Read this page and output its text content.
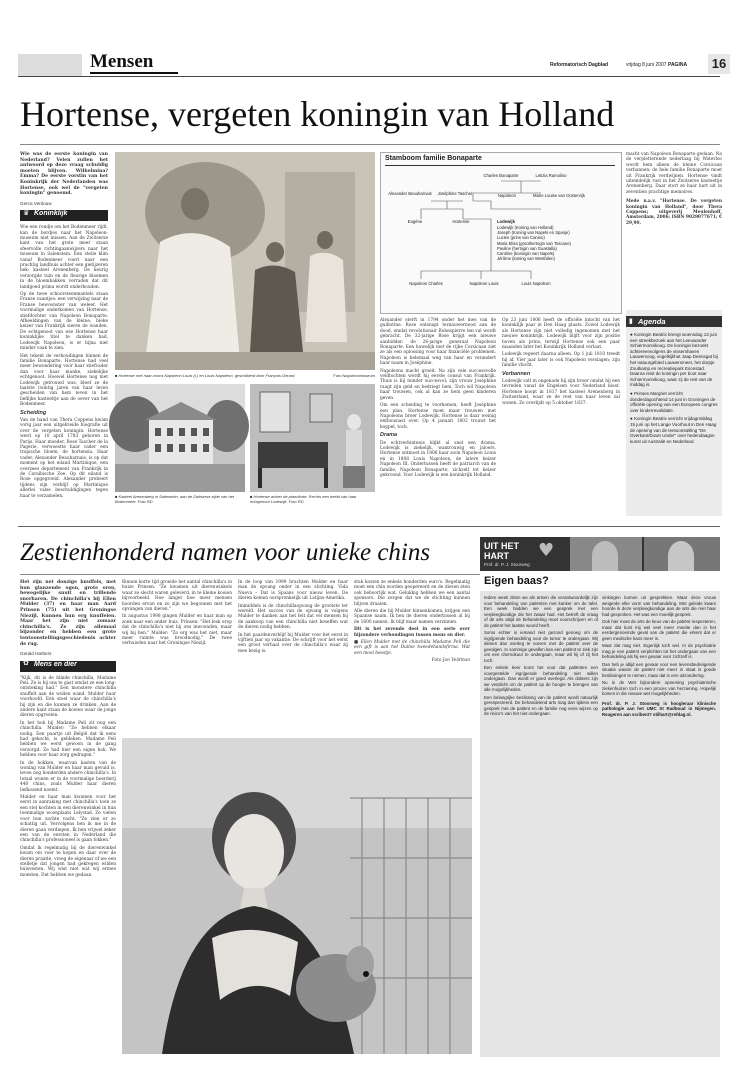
Mensen	Reformatorisch Dagblad	vrijdag 8 juni 2007 PAGINA 16
Hortense, vergeten koningin van Holland

Wie was de eerste koningin van Nederland? Velen zullen het antwoord op deze vraag schuldig moeten blijven. Wilhelmina? Emma? De eerste vorstin van het Koninkrijk der Nederlanden was Hortense, ook wel de "vergeten koningin" genoemd.

Gerca Verdouw

♛ Koninklijk

Wie een rondje om het Bodenmeer rijdt, kan de bordjes naar het Napoleon-museum niet missen. Aan de Zwitserse kant van het grote meer staan sfeervolle richtingaanwijzers naar het museum in Salenstein. Een steile klim vanaf Bodenmeer voert naar een prachtig landhuis achter een gietijzeren hek: kasteel Arenenberg. De keurig verzorgde tuin en de fleurige bloemen in de bloembakken verraden dat dit landgoed prima wordt onderhouden.

Op de twee schoorsteenmantels staan Franse vaantjes: een verwijzing naar de Franse bewoonster van weleer. Het voormalige onderkomen van Hortense, stiefdochter van Napoleon Bonaparte. Afbeeldingen van de kleine, bleke keizer van Frankrijk sieren de wanden. De echtgenoot van wie Hortense haar koninklijke titel te danken had, Lodewijk Napoleon, is er bijna niet minder vaak te zien.

Het tekent de verhoudingen binnen de familie Bonaparte. Hortense had veel meer bewondering voor haar stiefvader dan voor haar manke, ziekelijke echtgenoot. Hoewel Hortense nog met Lodewijk getrouwd was, bleef ze de laatste twintig jaren van haar leven gescheiden van hem leven in het lieflijke kasteeltje aan de oever van het Bodenmeer.

Scheiding

Van de hand van Thera Coppens kwam vorig jaar een uitgebreide biografie uit over de vergeten koningin. Hortense werd op 10 april 1783 geboren in Parijs. Haar moeder, Rose Tascher de la Pagerie, verwoestte haar vader een tropische bloem, de hortensia. Haar vader, Alexander Beauharnais, is op dat moment op het eiland Martinique, een overzees departement van Frankrijk in de Caraïbische Zee. Op dit eiland is Rose opgegroeid. Alexander probeert tijdens zijn verblijf op Martinique allerlei valse beschuldigingen tegen haar te verzamelen.

■ Hortense met haar zoons Napoleon Louis (l.) en Louis Napoleon, geschilderd door François Gérard.	Foto Napoleonmuseum
Stamboom familie Bonaparte
Charles Bonaparte	Letizia Ramolino
Alexander Beauharnais	Joséphine Tascher	Napoleon	Marie Louise van Oostenrijk
Eugène	Hortense	Lodewijk
Lodewijk (Koning van Holland)
Joseph (Koning van Napels en Spanje)
Lucien (prins van Canino)
Maria Elisa (groothertogin van Toscane)
Pauline (hertogin van Guastalla)
Caroline (koningin van Napels)
Jérôme (koning van Westfalen)
Napoleon Charles	Napoleon Louis	Louis Napoleon

Alexander sterft in 1794 onder het mes van de guillotine. Rose ontsnapt ternauwernood aan de dood, omdat revolutionair Robespierre ten val wordt gebracht. De 32-jarige Rose krijgt een nieuwe aanbidder: de 26-jarige generaal Napoleon Bonaparte. Een huwelijk met de rijke Corsicaan ziet ze als een oplossing voor haar financiële problemen. Napoleon is helemaal weg van haar en verandert haar naam in Joséphine.

Napoleons macht groeit. Na zijn vele successvolle veldtochten wordt hij eerste consul van Frankrijk. Thuis is hij minder succesvol; zijn vrouw Joséphine raagt zijn geld en bedriegt hem. Toch wil Napoleon haar trouwen, ook al kan ze hem geen kinderen geven.

Om een scheiding te voorkomen, heeft Joséphine een plan. Hortense moet maar trouwen met Napoleons broer Lodewijk. Hortense is daar weinig enthousiast over. Op 4 januari 1802 trouwt het koppel, toch.

Drama

De echtverbintenis blijkt al snel een drama. Lodewijk is ziekelijk, wantrouwig en jaloers. Hortense ontmoet in 1806 haar zoon Napoleon Louis en in 1808 Louis Napoleon, de latere keizer Napoleon III. Ondertussen heeft de patriarch van de familie, Napoleon Bonaparte, zichzelf tot keizer gekroond. Voor Lodewijk is een koninkrijk Holland.

Op 23 juni 1806 heeft de officiële intocht van het koninklijk paar in Den Haag plaats. Zowel Lodewijk als Hortense zijn niet volledig ingenomen met het nieuwe koninkrijk. Lodewijk blijft voor zijn positie boven als prins, terwijl Hortense ook een paar maanden later het Koninkrijk Holland verlaat.

Lodewijk regeert daarna alleen. Op 1 juli 1810 treedt hij af. Vier jaar later is ook Napoleon verslagen; zijn familie vlucht.

Verbannen

Lodewijk valt in ongenade bij zijn broer omdat hij een tevreden vanaf de Engelsen voor Nederland kiest. Hortense koopt in 1817 het kasteel Arenenberg in Zwitserland, waar ze de rest van haar leven zal wonen. Ze overlijdt op 5 oktober 1837.

■ Kasteel Arenenberg in Salenstein, aan de Zwitserse zijde van het Bodenmeer. Foto RD
■ Hortense achter de pianoforte. Rechts een beeld van haar echtgenoot Lodewijk. Foto RD

macht van Napoleon Bonaparte gedaan. Na de verpletterende nederlaag bij Waterloo wordt hem alleen de kleine Corsicaan verbannen; de hele familie Bonaparte moet uit Frankrijk verdwijnen. Hortense vindt uiteindelijk rust in het Zwitserse kasteeltje Arenenberg. Daar stort ze haar hart uit in zeventien prachtige memoires.

Mede n.a.v. "Hortense. De vergeten koningin van Holland", door Thera Coppens; uitgeverij Meulenhoff, Amsterdam, 2006; ISBN 9029077671; € 29,90.

▮ Agenda
● Koningin Beatrix brengt woensdag 13 juni een streekbezoek aan het Leeuwarder Schiermonnikoog. De koningin bezoekt achtereenvolgens de vissershaven Lauwersoog, vogelkijkhut Jaap Deensgat bij het natuurgebied Lauwersmeer, het dorpje Zoutkamp en recreatiepark Esonstad. Daarna reist de koningin per boot naar Schiermonnikoog, waar zij de rest van de middag is.
● Prinses Margriet verricht donderdagochtend 14 juni in Groningen de officiële opening van een Europees congres over kinderrevalidatie.
● Koningin Beatrix verricht vrijdagmiddag 15 juni op het Lange Voorhout in Den Haag de opening van de tentoonstelling "De Overkant/Down Under" over hedendaagse kunst uit Australië en Nederland.
Zestienhonderd namen voor unieke chins

Het zijn net donzige knuffels, met hun glanzende ogen, grote oren, bewegelijke snuit en trillende snorharen. De chinchilla's bij Ellen Mulder (37) en haar man Aard Prinsen (75) uit het Groningse Niezijl. Kunnen hun erg knuffelen. Maar het zijn niet zomaar chinchilla's. Ze zijn allemaal bijzonder en hebben een grote tentoonstellingsgeschiedenis achter de rug.

Gerald Harbers

✿ Mens en dier

"Kijk, dit is de blinde chinchilla, Madame Peli. Ze is bij ons te gast omdat ze een long-ontsteking had." Een monstere chinchilla snuffelt aan de wollen wand. Mulder haar voorhoofd. Een stoel waar de chinchilla's bij zijn en die kunnen ze drinken. Aan de andere kant staan de kooien waar de jonge dieren opgroeien.

In het hok bij Madame Peli zit nog een chinchilla. Mulder: "Ze hebben elkaar nodig. Een paartje uit België dat ik eens had gekocht, is gebleken. Madame Peli hebben we eerst gewoon in de gang verzorgd. Ze had hier een eigen hok. We hebben voor haar zorg gedragen."

In de hokken, waarvan kasten van de woning van Mulder en haar man gevuld is, leven nog honderden andere chinchilla's. In totaal wonen er in de voormalige boerderij 440 chins, zoals Mulder haar dieren liefkozend noemt.

Mulder en haar man kwamen voor het eerst in aanraking met chinchilla's toen ze een stel kochten in een dierenwinkel in hun toenmalige woonplaats Lelystad. Ze vielen voor hun zachte vacht. "Ze zien er zo schattig uit. Vervolgens ben ik me in de dieren gaan verdiepen. Ik ben vrijwel zeker een van de eersten in Nederland die chinchilla's professioneel is gaan fokken."

Omdat ik regelmatig bij de dierenwinkel kwam om voer te kopen en daar over de dieren praatte, vroeg de eigenaar of we een stelletje dat jongen had gekregen wilden huisvesten. Wij wist niet wat wij ermee moesten. Dat hebben we gedaan.

Binnen korte tijd groeide het aantal chinchilla's in huize Prinsen. "Ze kwamen uit dierenwinkels waar ze slecht waren geleverd, in te kleine kooien bijvoorbeeld. Hoe langer hoe meer mensen hoorden ervan en zo zijn we begonnen met het opvangen van dieren."

In augustus 1998 gingen Mulder en haar man op zoek naar een ander huis. Prinsen: "Het lesk erop dat de chinchilla's niet bij ons inwoonden, maar wij bij hen." Mulder: "Zo erg was het niet, maar meer ruimte was broodnodig." De twee verhuisden naar het Groningse Niezijl.

In de loop van 1999 brachten Mulder en haar man de opvang onder in een stichting. Vida Nueva – Dat is Spaans voor nieuw leven. De dieren komen oorspronkelijk uit Latijns-Amerika.

Immiddels is de chinchillaopvang de grootste ter wereld. Het succes van de opvang is volgens Mulder te danken aan het feit dat vel mensen bij de aankoop van een chinchilla niet beseffen wat de dieren nodig hebben.

In het paardenverblijf bij Mulder voor het eerst in vijftien jaar op vakantie. De schrijft voor het eerst een groot verhaal over de chinchilla's waar zij mee bezig is.

stuk kosten ze enkele honderden euro's. Regelmatig moet een chin worden geopereerd en de dieren eten ook behoorlijk wat. Gelukkig hebben we een aantal sponsors. Die zorgen dat we de stichting kunnen blijven draaien.

Alle dieren die bij Mulder binnenkomen, krijgen een Spaanse naam. Ik ben de dieren ondertussen al bij de 1600 namen. Ik blijf maar namen verzinnen.

Dit is het zevende deel in een serie over bijzondere verhoudingen tussen mens en dier.

■ Ellen Mulder met de chinchilla Madame Peli die een gift is aan het Duitse tweedehandsfirma. Wat een mooi beestje.

Foto Jan Veldman

UIT HET HART	♥
Prof. dr. P. J. Stoorweg
Eigen baas?

Iedere week zitten we als artsen die verantwoordelijk zijn voor behandeling van patiënten met kanker om de tafel. Een week hadden we een gesprek met een verpleegkundige die het zwaar had. Het betreft de vraag of de arts altijd de behandeling moet voorschrijven en of de patiënt het laatste woord heeft.

Soms echter is iemand niet gezond genoeg om de ingrijpende behandeling voor de tumor te ondergaan. Wij dienen dan overleg te voeren met de patiënt over de gevolgen. In sommige gevallen kan een patiënt te ziek zijn om een chemokuur te ondergaan, maar wil hij of zij het toch.

Een enkele keer komt het voor dat patiënten een voorgestelde ingrijpende behandeling niet willen ondergaan. Dan wordt er goed overlegd. Als dokters zijn we verplicht om de patiënt op de hoogte te brengen van alle mogelijkheden.

Een belangrijke beslissing van de patiënt wordt natuurlijk gerespecteerd. De behandelend arts mag dan tijdens een gesprek met de patiënt en de familie nog eens wijzen op de risico's van het niet ondergaan.

vinkingen komen uit gesprekken. Maar deze vrouw weigerde elke vorm van behandeling. Met geleide kwam hoorde ik deze verpleegkundige aan de arts die met haar had gesproken. Het was een moeilijk gesprek.

Ook hier moet de arts de keus van de patiënt respecteren, maar dat kost mij wel veel meer moeite dan in het eerdergenoemde geval van de patiënt die erkent dat er geen medische kans meer is.

Maar dat mag niet. Eigenlijk toch wel. In de psychiatrie mag je een patiënt verplichten tot het ondergaan van een behandeling als hij een gevaar voor zichzelf is.

Dan heb je altijd een gevaar voor een levensbedreigende situatie waarin de patiënt niet meer in staat is goede beslissingen te nemen, maar dat is een uitzondering.

Nu is de Wet bijzondere opneming psychiatrische ziekenhuizen toch in een proces van herziening. Hopelijk komen in die nieuwe wet mogelijkheden.

Prof. dr. P. J. Stoorweg is hoogleraar klinische pathologie aan het UMC St Radboud in Nijmegen. Reageren aan scribent? stilhart@refdag.nl.
